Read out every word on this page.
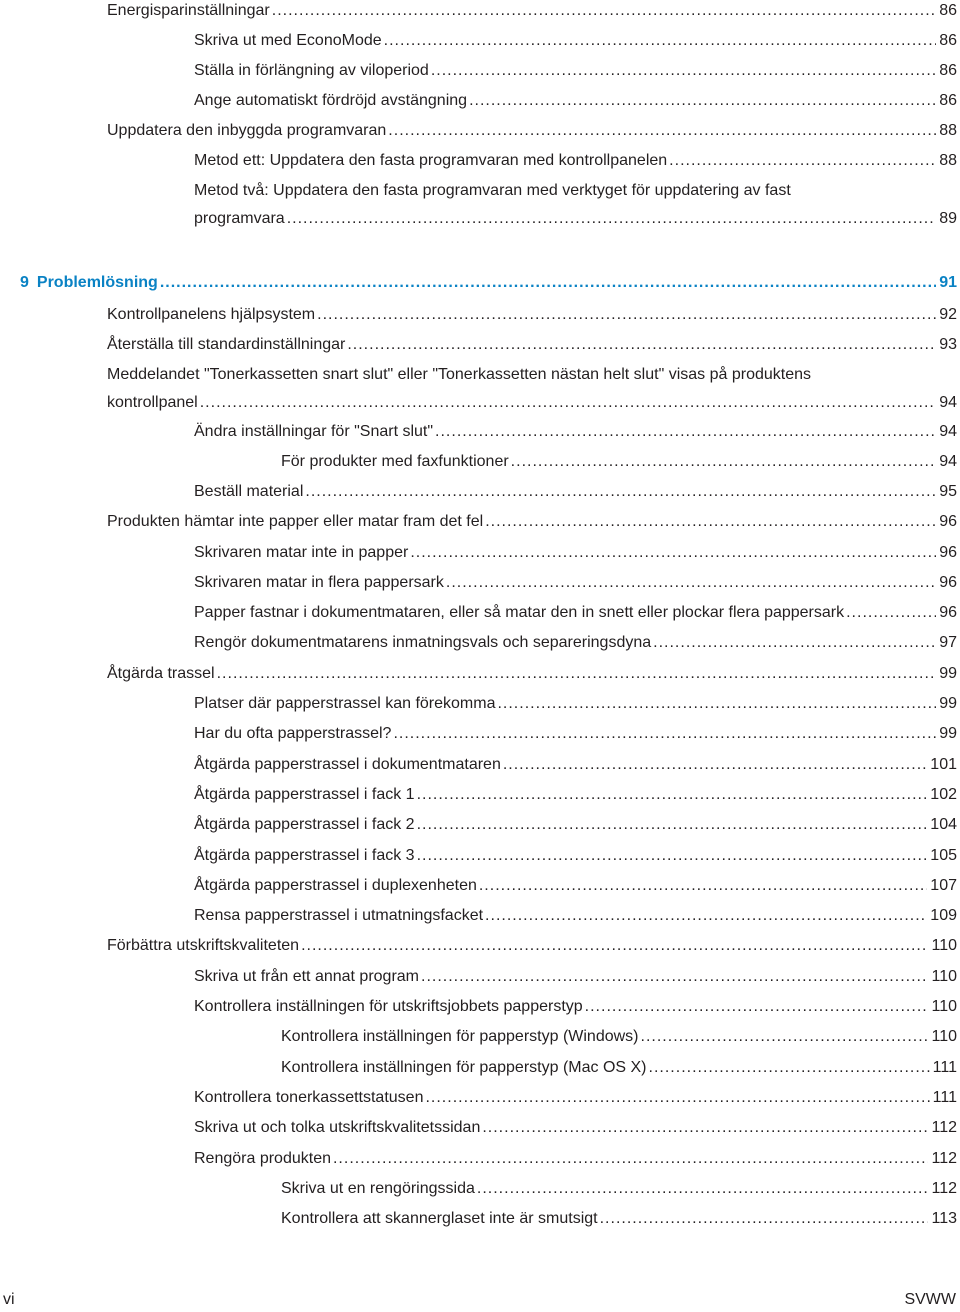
Energisparinställningar .....	86
Skriva ut med EconoMode .....	86
Ställa in förlängning av viloperiod .....	86
Ange automatiskt fördröjd avstängning .....	86
Uppdatera den inbyggda programvaran .....	88
Metod ett: Uppdatera den fasta programvaran med kontrollpanelen .....	88
Metod två: Uppdatera den fasta programvaran med verktyget för uppdatering av fast
programvara .....	89
9 Problemlösning .....	91
Kontrollpanelens hjälpsystem .....	92
Återställa till standardinställningar .....	93
Meddelandet "Tonerkassetten snart slut" eller "Tonerkassetten nästan helt slut" visas på produktens
kontrollpanel .....	94
Ändra inställningar för "Snart slut" .....	94
För produkter med faxfunktioner .....	94
Beställ material .....	95
Produkten hämtar inte papper eller matar fram det fel .....	96
Skrivaren matar inte in papper .....	96
Skrivaren matar in flera pappersark .....	96
Papper fastnar i dokumentmataren, eller så matar den in snett eller plockar flera pappersark .....	96
Rengör dokumentmatarens inmatningsvals och separeringsdyna .....	97
Åtgärda trassel .....	99
Platser där papperstrassel kan förekomma .....	99
Har du ofta papperstrassel? .....	99
Åtgärda papperstrassel i dokumentmataren .....	101
Åtgärda papperstrassel i fack 1 .....	102
Åtgärda papperstrassel i fack 2 .....	104
Åtgärda papperstrassel i fack 3 .....	105
Åtgärda papperstrassel i duplexenheten .....	107
Rensa papperstrassel i utmatningsfacket .....	109
Förbättra utskriftskvaliteten .....	110
Skriva ut från ett annat program .....	110
Kontrollera inställningen för utskriftsjobbets papperstyp .....	110
Kontrollera inställningen för papperstyp (Windows) .....	110
Kontrollera inställningen för papperstyp (Mac OS X) .....	111
Kontrollera tonerkassettstatusen .....	111
Skriva ut och tolka utskriftskvalitetssidan .....	112
Rengöra produkten .....	112
Skriva ut en rengöringssida .....	112
Kontrollera att skannerglaset inte är smutsigt .....	113
vi	SVWW
